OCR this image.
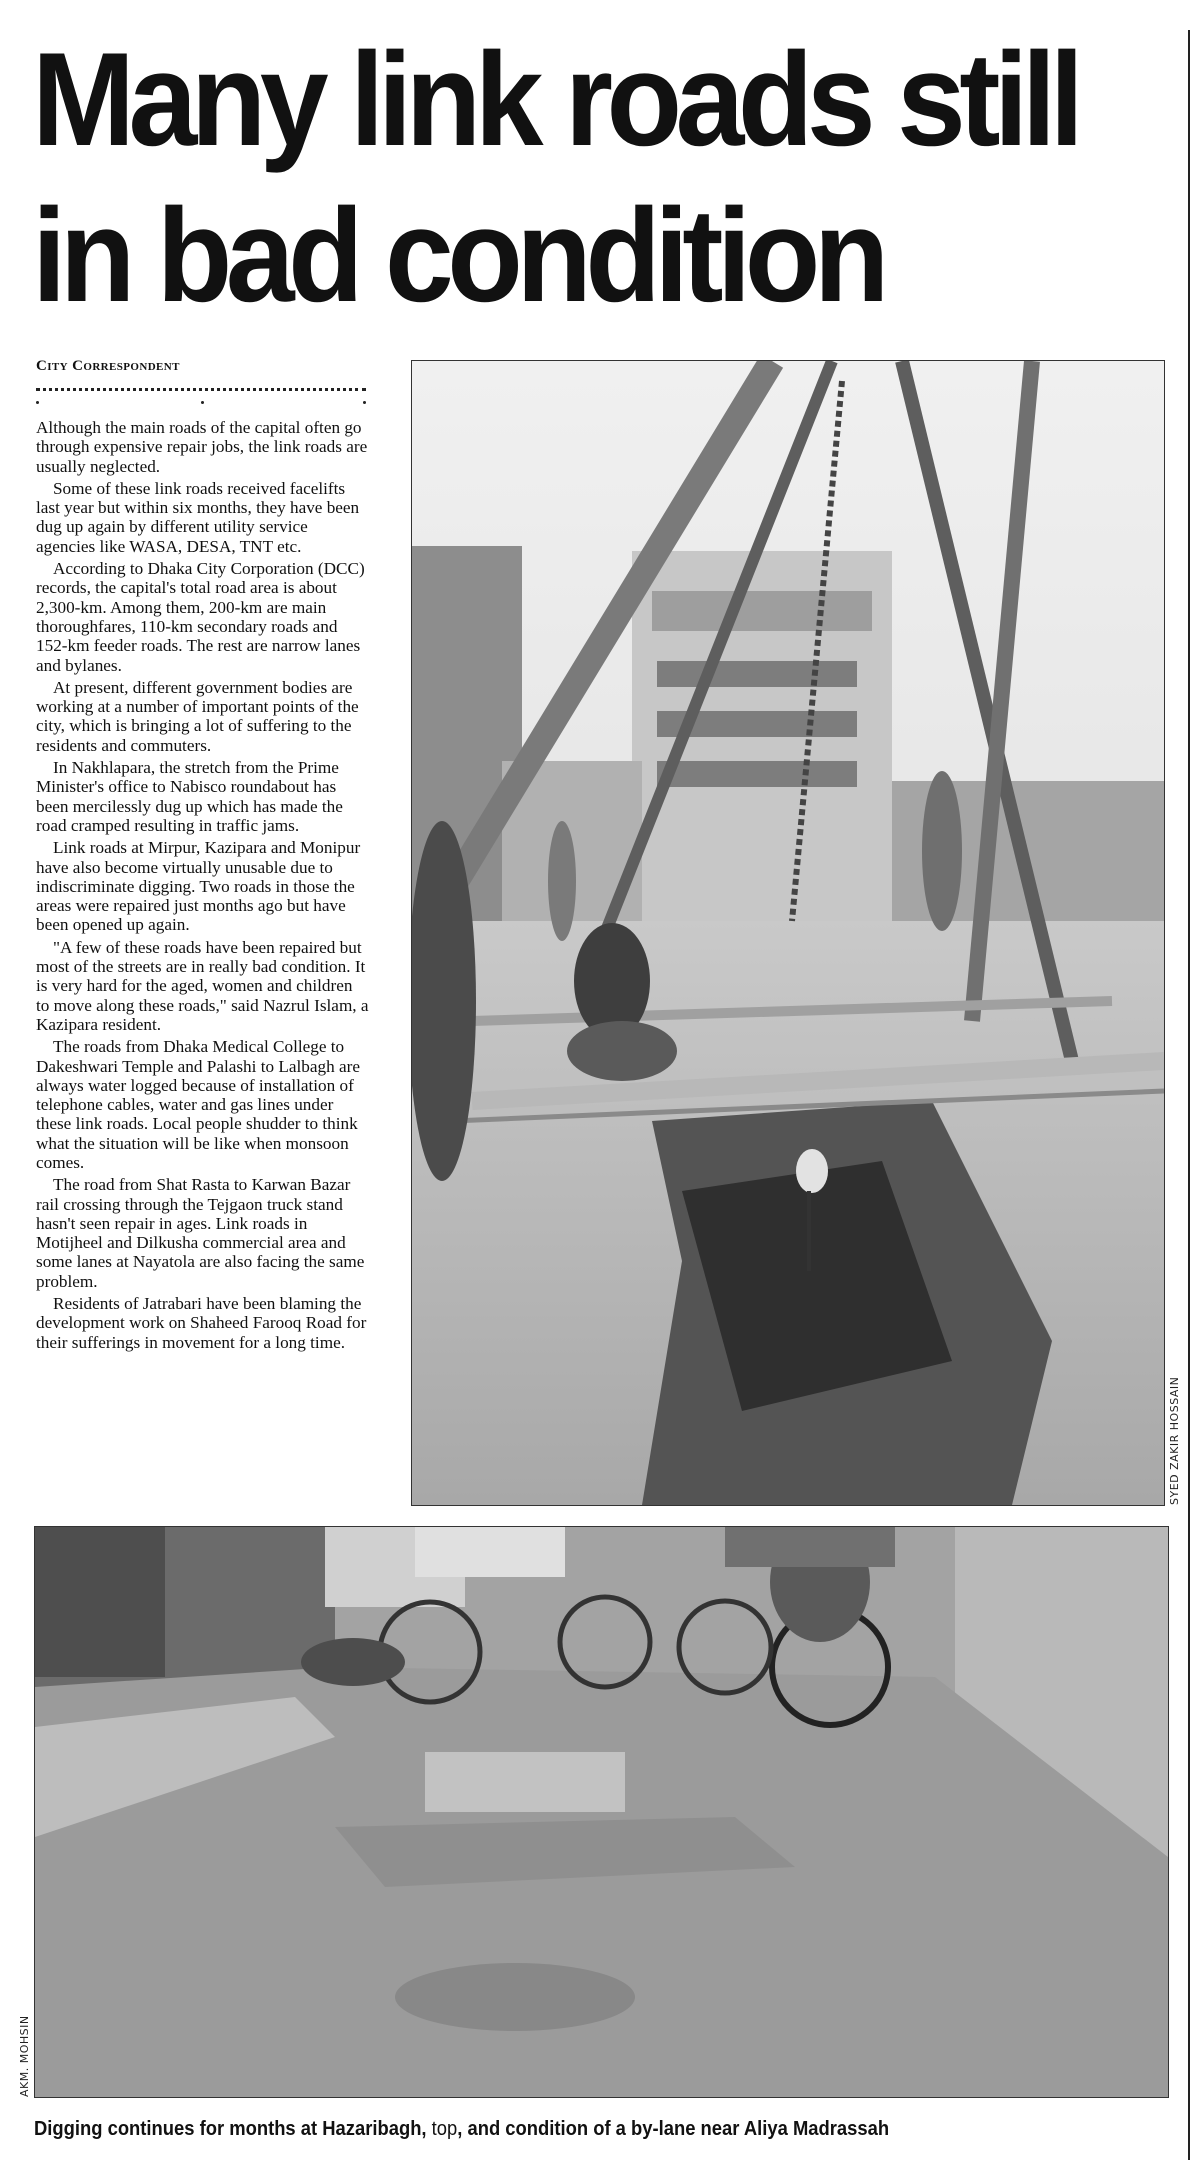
Many link roads still
in bad condition
City Correspondent

Although the main roads of the capital often go through expensive repair jobs, the link roads are usually neglected.

Some of these link roads received facelifts last year but within six months, they have been dug up again by different utility service agencies like WASA, DESA, TNT etc.

According to Dhaka City Corporation (DCC) records, the capital's total road area is about 2,300-km. Among them, 200-km are main thoroughfares, 110-km secondary roads and 152-km feeder roads. The rest are narrow lanes and bylanes.

At present, different government bodies are working at a number of important points of the city, which is bringing a lot of suffering to the residents and commuters.

In Nakhlapara, the stretch from the Prime Minister's office to Nabisco roundabout has been mercilessly dug up which has made the road cramped resulting in traffic jams.

Link roads at Mirpur, Kazipara and Monipur have also become virtually unusable due to indiscriminate digging. Two roads in those the areas were repaired just months ago but have been opened up again.

"A few of these roads have been repaired but most of the streets are in really bad condition. It is very hard for the aged, women and children to move along these roads," said Nazrul Islam, a Kazipara resident.

The roads from Dhaka Medical College to Dakeshwari Temple and Palashi to Lalbagh are always water logged because of installation of telephone cables, water and gas lines under these link roads. Local people shudder to think what the situation will be like when monsoon comes.

The road from Shat Rasta to Karwan Bazar rail crossing through the Tejgaon truck stand hasn't seen repair in ages. Link roads in Motijheel and Dilkusha commercial area and some lanes at Nayatola are also facing the same problem.

Residents of Jatrabari have been blaming the development work on Shaheed Farooq Road for their sufferings in movement for a long time.

SYED ZAKIR HOSSAIN
AKM. MOHSIN
Digging continues for months at Hazaribagh, top, and condition of a by-lane near Aliya Madrassah
